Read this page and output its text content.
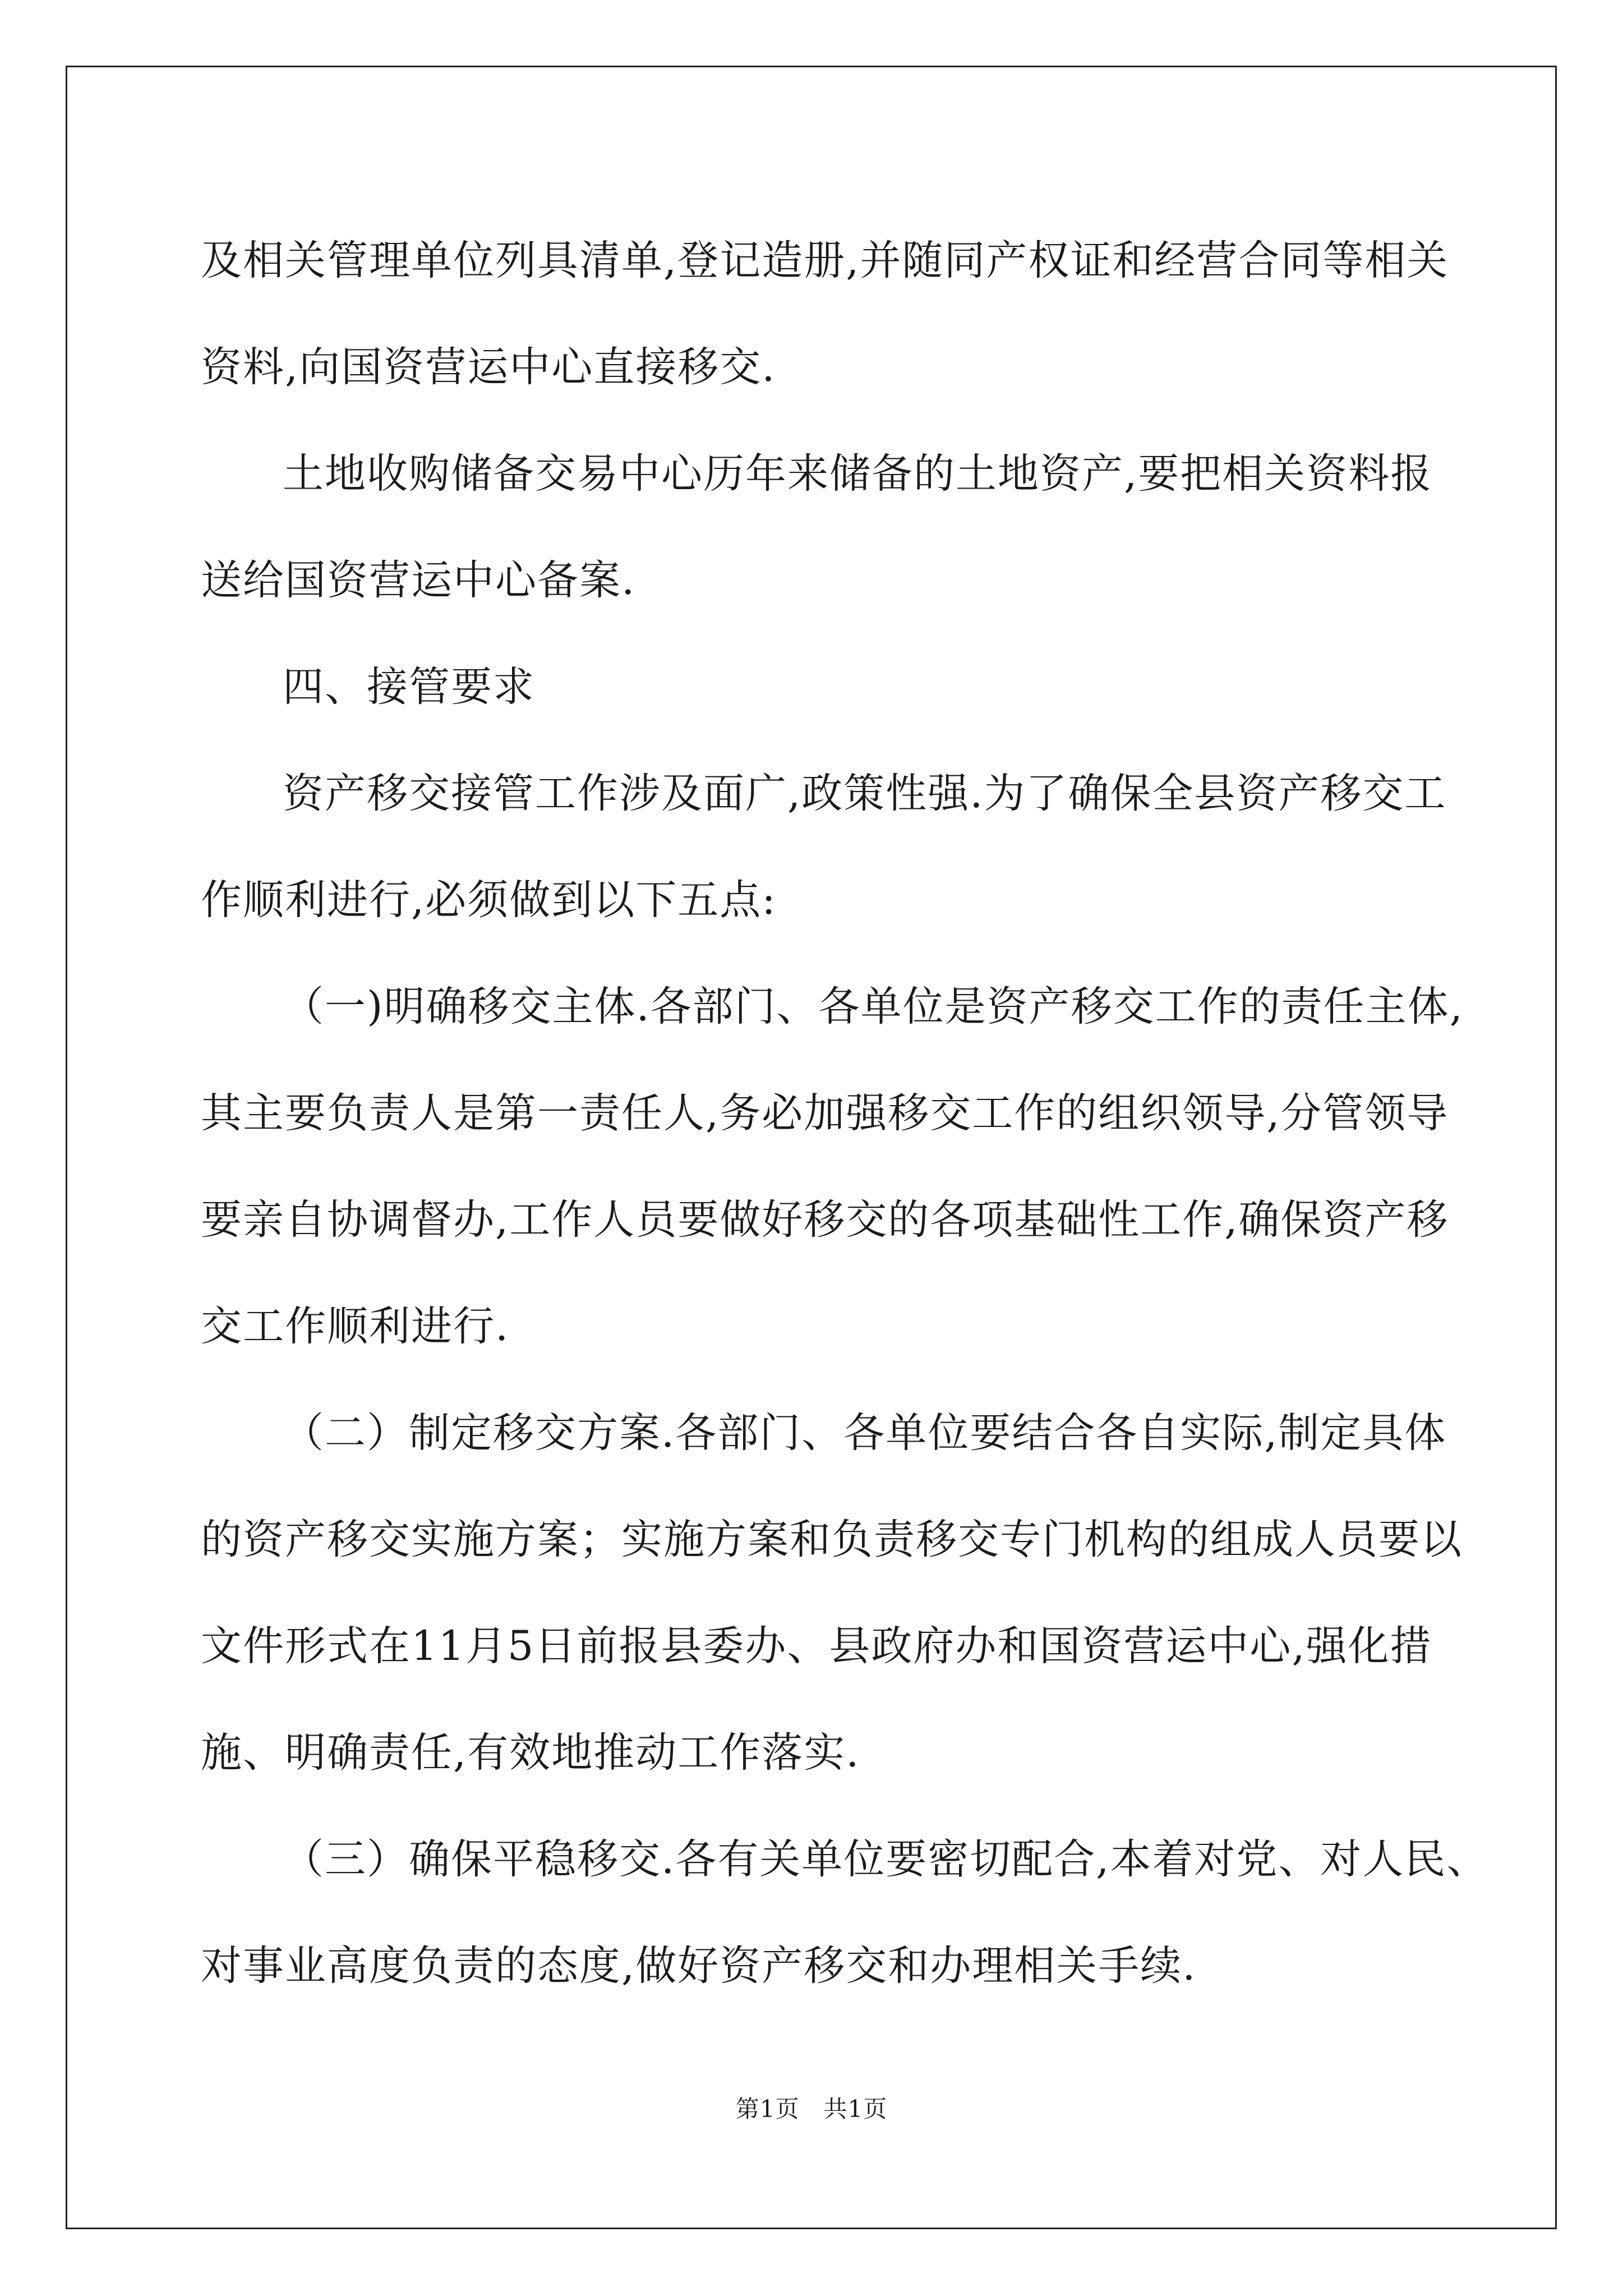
及相关管理单位列具清单,登记造册,并随同产权证和经营合同等相关

资料,向国资营运中心直接移交.

土地收购储备交易中心历年来储备的土地资产,要把相关资料报

送给国资营运中心备案.

四、接管要求

资产移交接管工作涉及面广,政策性强.为了确保全县资产移交工

作顺利进行,必须做到以下五点:

（一)明确移交主体.各部门、各单位是资产移交工作的责任主体,

其主要负责人是第一责任人,务必加强移交工作的组织领导,分管领导

要亲自协调督办,工作人员要做好移交的各项基础性工作,确保资产移

交工作顺利进行.

（二）制定移交方案.各部门、各单位要结合各自实际,制定具体

的资产移交实施方案；实施方案和负责移交专门机构的组成人员要以

文件形式在11月5日前报县委办、县政府办和国资营运中心,强化措

施、明确责任,有效地推动工作落实.

（三）确保平稳移交.各有关单位要密切配合,本着对党、对人民、

对事业高度负责的态度,做好资产移交和办理相关手续.

第1页　共1页
